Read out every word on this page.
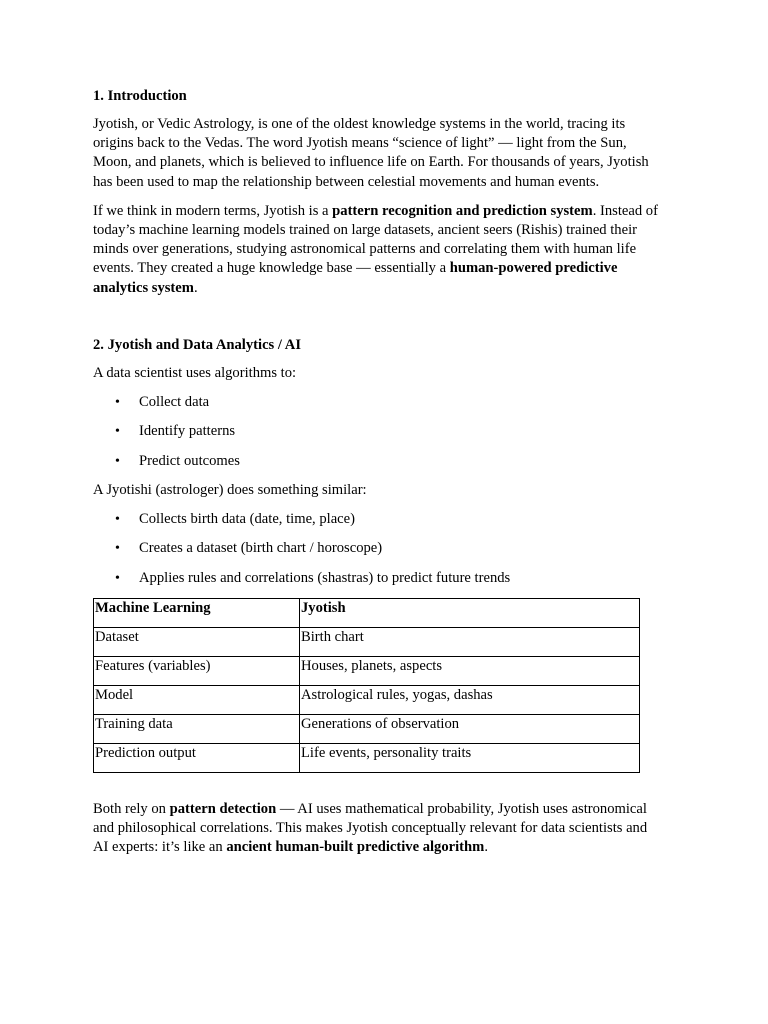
1. Introduction

Jyotish, or Vedic Astrology, is one of the oldest knowledge systems in the world, tracing its origins back to the Vedas. The word Jyotish means “science of light” — light from the Sun, Moon, and planets, which is believed to influence life on Earth. For thousands of years, Jyotish has been used to map the relationship between celestial movements and human events.

If we think in modern terms, Jyotish is a pattern recognition and prediction system. Instead of today’s machine learning models trained on large datasets, ancient seers (Rishis) trained their minds over generations, studying astronomical patterns and correlating them with human life events. They created a huge knowledge base — essentially a human-powered predictive analytics system.

2. Jyotish and Data Analytics / AI

A data scientist uses algorithms to:

• Collect data
• Identify patterns
• Predict outcomes

A Jyotishi (astrologer) does something similar:

• Collects birth data (date, time, place)
• Creates a dataset (birth chart / horoscope)
• Applies rules and correlations (shastras) to predict future trends
Machine Learning	Jyotish
Dataset	Birth chart
Features (variables)	Houses, planets, aspects
Model	Astrological rules, yogas, dashas
Training data	Generations of observation
Prediction output	Life events, personality traits

Both rely on pattern detection — AI uses mathematical probability, Jyotish uses astronomical and philosophical correlations. This makes Jyotish conceptually relevant for data scientists and AI experts: it’s like an ancient human-built predictive algorithm.
